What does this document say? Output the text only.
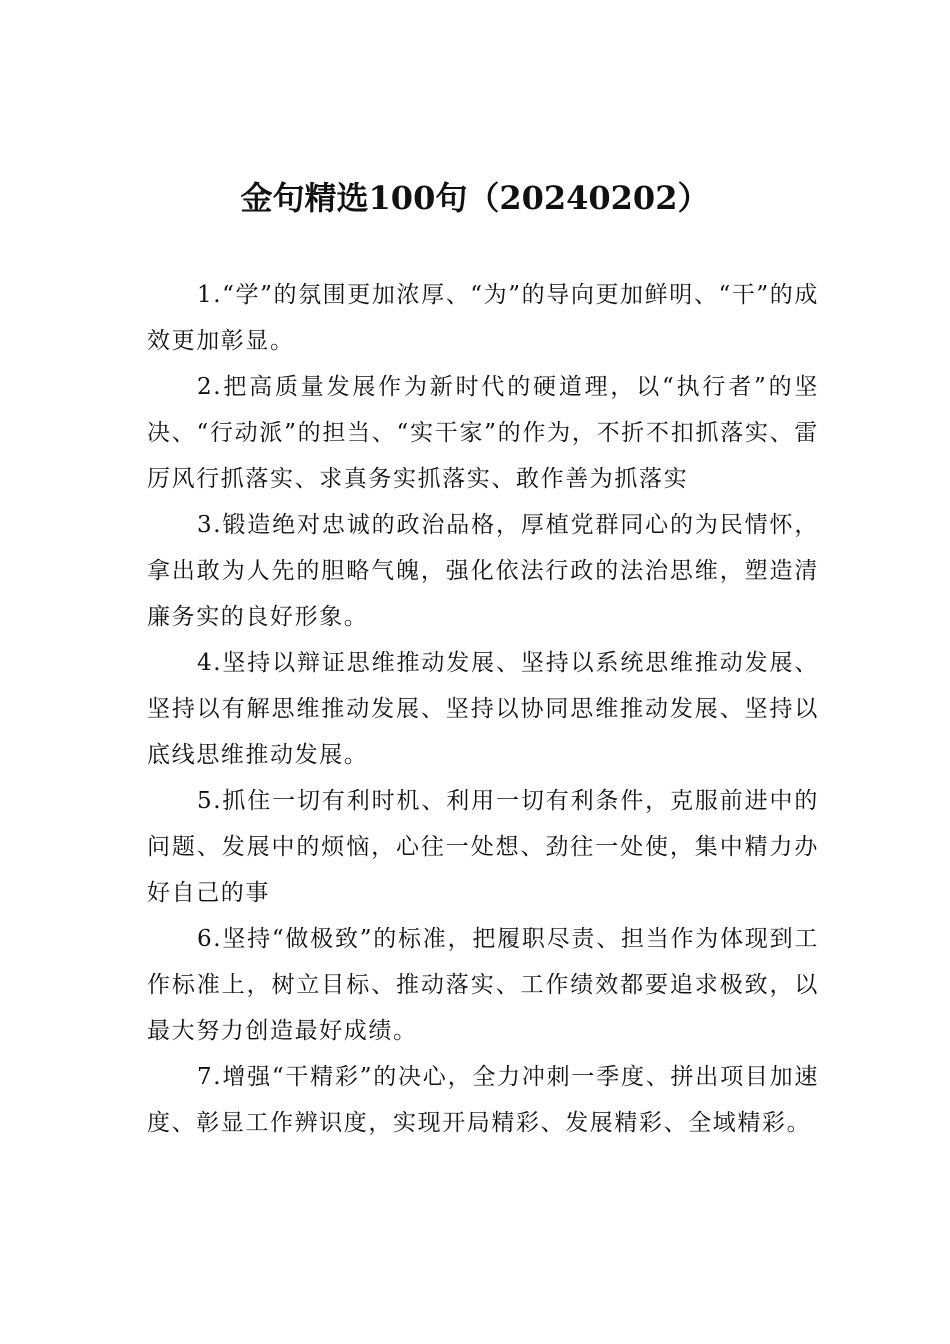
金句精选100句（20240202）

1.“学”的氛围更加浓厚、“为”的导向更加鲜明、“干”的成效更加彰显。

2.把高质量发展作为新时代的硬道理，以“执行者”的坚决、“行动派”的担当、“实干家”的作为，不折不扣抓落实、雷厉风行抓落实、求真务实抓落实、敢作善为抓落实

3.锻造绝对忠诚的政治品格，厚植党群同心的为民情怀，拿出敢为人先的胆略气魄，强化依法行政的法治思维，塑造清廉务实的良好形象。

4.坚持以辩证思维推动发展、坚持以系统思维推动发展、坚持以有解思维推动发展、坚持以协同思维推动发展、坚持以底线思维推动发展。

5.抓住一切有利时机、利用一切有利条件，克服前进中的问题、发展中的烦恼，心往一处想、劲往一处使，集中精力办好自己的事

6.坚持“做极致”的标准，把履职尽责、担当作为体现到工作标准上，树立目标、推动落实、工作绩效都要追求极致，以最大努力创造最好成绩。

7.增强“干精彩”的决心，全力冲刺一季度、拼出项目加速度、彰显工作辨识度，实现开局精彩、发展精彩、全域精彩。
